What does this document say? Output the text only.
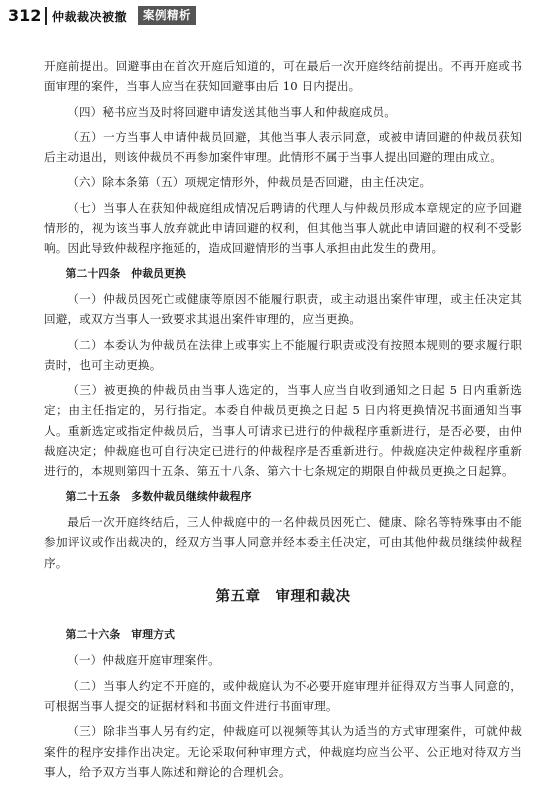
312 仲裁裁决被撤	案例精析

开庭前提出。回避事由在首次开庭后知道的，可在最后一次开庭终结前提出。不再开庭或书面审理的案件，当事人应当在获知回避事由后 10 日内提出。

（四）秘书应当及时将回避申请发送其他当事人和仲裁庭成员。

（五）一方当事人申请仲裁员回避，其他当事人表示同意，或被申请回避的仲裁员获知后主动退出，则该仲裁员不再参加案件审理。此情形不属于当事人提出回避的理由成立。

（六）除本条第（五）项规定情形外，仲裁员是否回避，由主任决定。

（七）当事人在获知仲裁庭组成情况后聘请的代理人与仲裁员形成本章规定的应予回避情形的，视为该当事人放弃就此申请回避的权利，但其他当事人就此申请回避的权利不受影响。因此导致仲裁程序拖延的，造成回避情形的当事人承担由此发生的费用。

第二十四条　仲裁员更换

（一）仲裁员因死亡或健康等原因不能履行职责，或主动退出案件审理，或主任决定其回避，或双方当事人一致要求其退出案件审理的，应当更换。

（二）本委认为仲裁员在法律上或事实上不能履行职责或没有按照本规则的要求履行职责时，也可主动更换。

（三）被更换的仲裁员由当事人选定的，当事人应当自收到通知之日起 5 日内重新选定；由主任指定的，另行指定。本委自仲裁员更换之日起 5 日内将更换情况书面通知当事人。重新选定或指定仲裁员后，当事人可请求已进行的仲裁程序重新进行，是否必要，由仲裁庭决定；仲裁庭也可自行决定已进行的仲裁程序是否重新进行。仲裁庭决定仲裁程序重新进行的，本规则第四十五条、第五十八条、第六十七条规定的期限自仲裁员更换之日起算。

第二十五条　多数仲裁员继续仲裁程序

最后一次开庭终结后，三人仲裁庭中的一名仲裁员因死亡、健康、除名等特殊事由不能参加评议或作出裁决的，经双方当事人同意并经本委主任决定，可由其他仲裁员继续仲裁程序。

第五章　审理和裁决

第二十六条　审理方式

（一）仲裁庭开庭审理案件。

（二）当事人约定不开庭的，或仲裁庭认为不必要开庭审理并征得双方当事人同意的，可根据当事人提交的证据材料和书面文件进行书面审理。

（三）除非当事人另有约定，仲裁庭可以视频等其认为适当的方式审理案件，可就仲裁案件的程序安排作出决定。无论采取何种审理方式，仲裁庭均应当公平、公正地对待双方当事人，给予双方当事人陈述和辩论的合理机会。
